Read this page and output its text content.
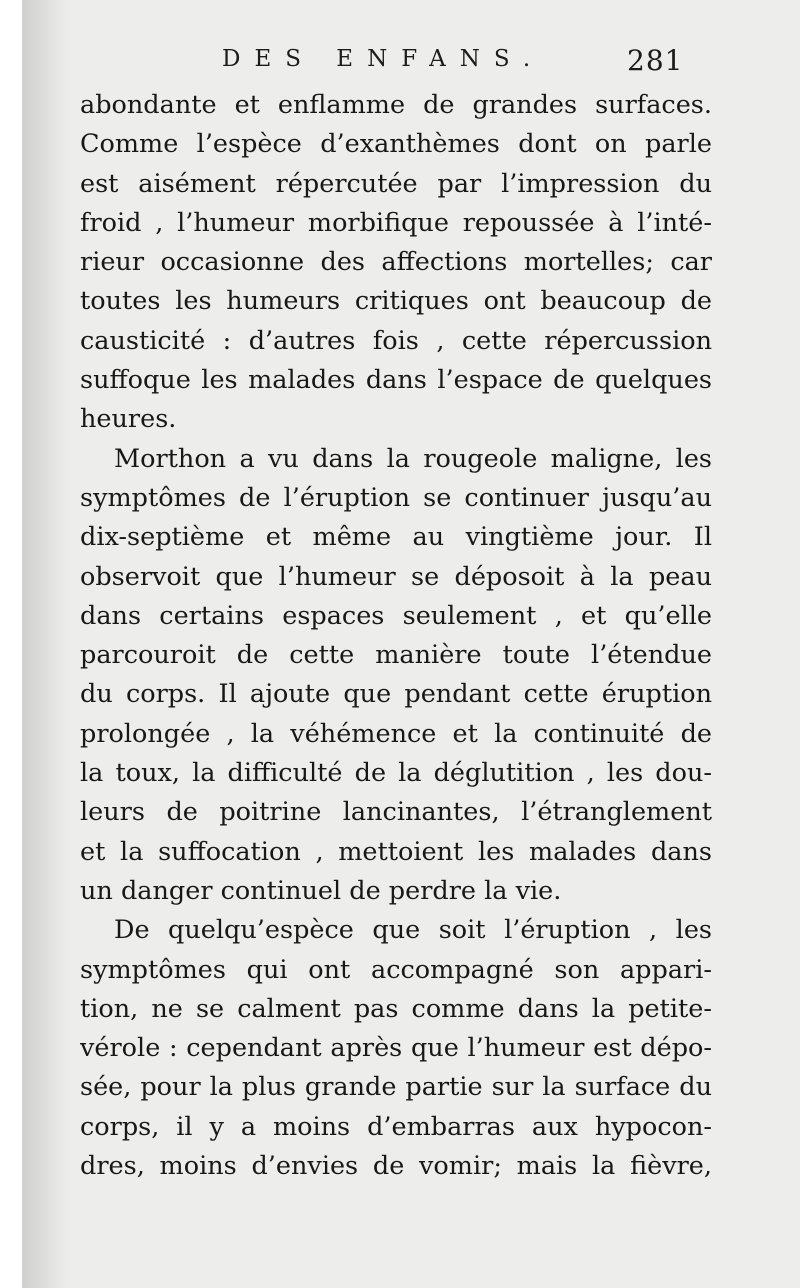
DES ENFANS.	281
abondante et enflamme de grandes surfaces.
Comme l’espèce d’exanthèmes dont on parle
est aisément répercutée par l’impression du
froid , l’humeur morbifique repoussée à l’inté-
rieur occasionne des affections mortelles; car
toutes les humeurs critiques ont beaucoup de
causticité : d’autres fois , cette répercussion
suffoque les malades dans l’espace de quelques
heures.
Morthon a vu dans la rougeole maligne, les
symptômes de l’éruption se continuer jusqu’au
dix-septième et même au vingtième jour. Il
observoit que l’humeur se déposoit à la peau
dans certains espaces seulement , et qu’elle
parcouroit de cette manière toute l’étendue
du corps. Il ajoute que pendant cette éruption
prolongée , la véhémence et la continuité de
la toux, la difficulté de la déglutition , les dou-
leurs de poitrine lancinantes, l’étranglement
et la suffocation , mettoient les malades dans
un danger continuel de perdre la vie.
De quelqu’espèce que soit l’éruption , les
symptômes qui ont accompagné son appari-
tion, ne se calment pas comme dans la petite-
vérole : cependant après que l’humeur est dépo-
sée, pour la plus grande partie sur la surface du
corps, il y a moins d’embarras aux hypocon-
dres, moins d’envies de vomir; mais la fièvre,
